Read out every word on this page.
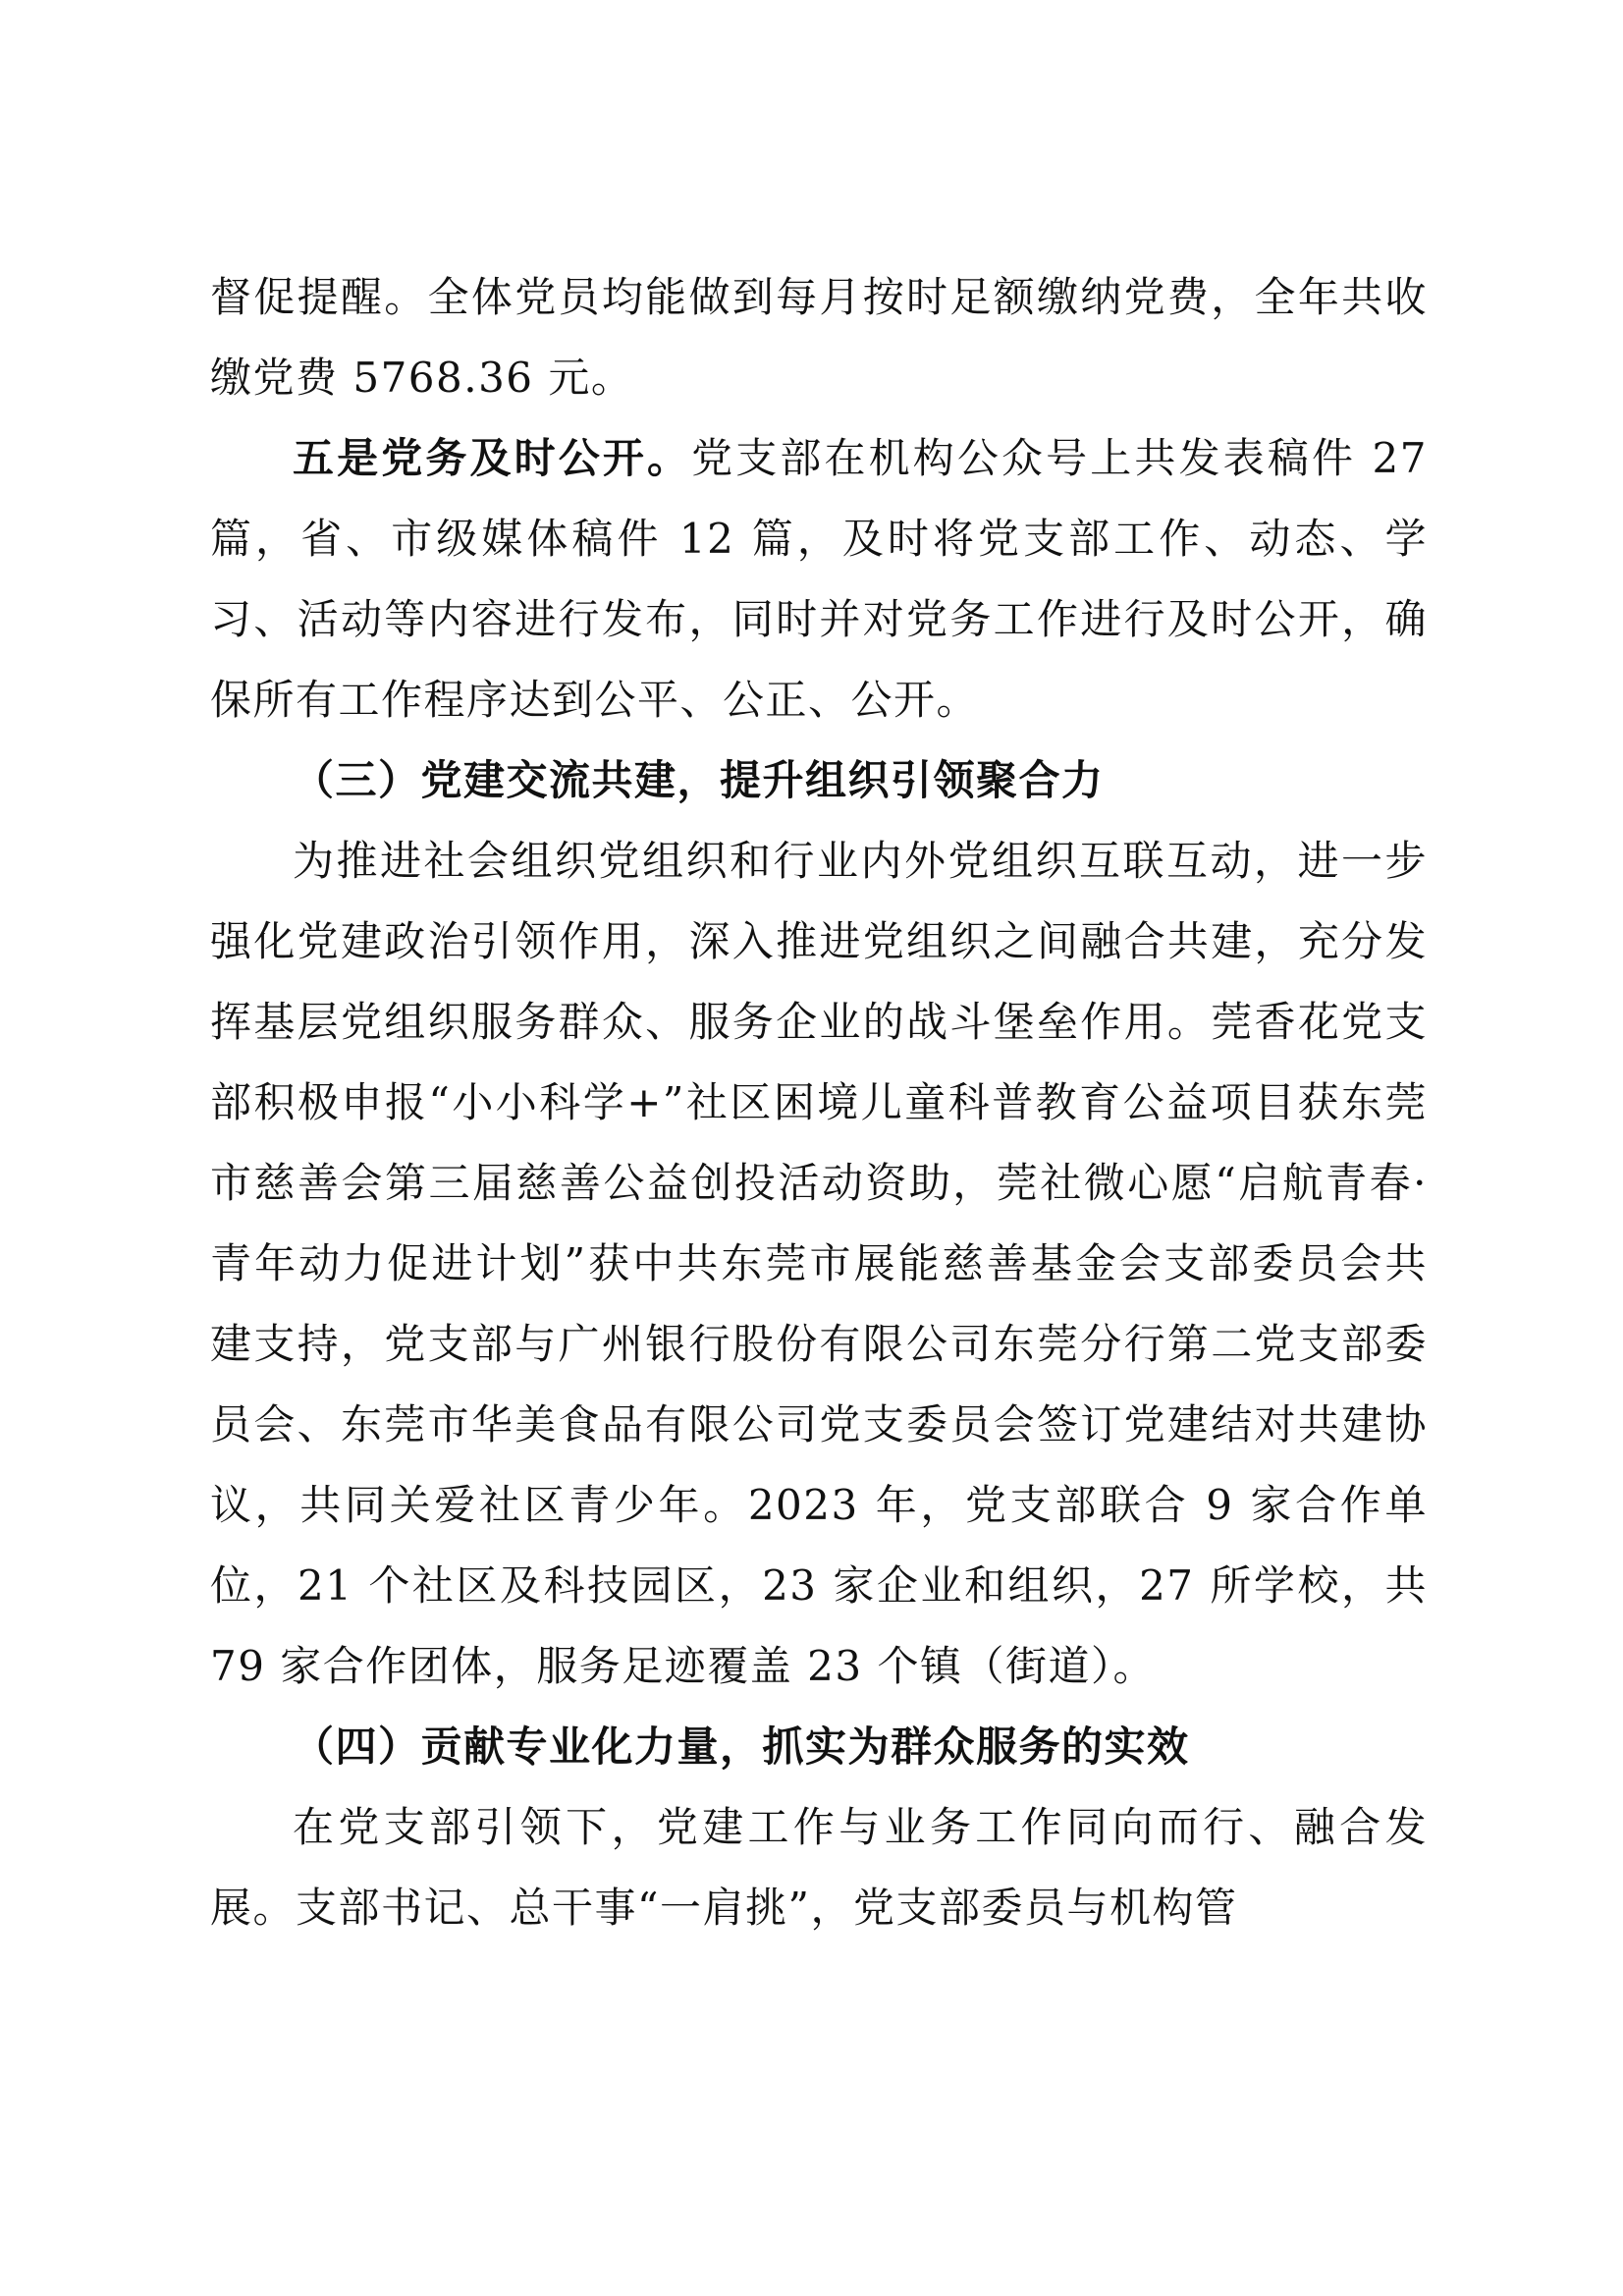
督促提醒。全体党员均能做到每月按时足额缴纳党费，全年共收缴党费 5768.36 元。

五是党务及时公开。党支部在机构公众号上共发表稿件 27 篇，省、市级媒体稿件 12 篇，及时将党支部工作、动态、学习、活动等内容进行发布，同时并对党务工作进行及时公开，确保所有工作程序达到公平、公正、公开。

（三）党建交流共建，提升组织引领聚合力

为推进社会组织党组织和行业内外党组织互联互动，进一步强化党建政治引领作用，深入推进党组织之间融合共建，充分发挥基层党组织服务群众、服务企业的战斗堡垒作用。莞香花党支部积极申报“小小科学+”社区困境儿童科普教育公益项目获东莞市慈善会第三届慈善公益创投活动资助，莞社微心愿“启航青春·青年动力促进计划”获中共东莞市展能慈善基金会支部委员会共建支持，党支部与广州银行股份有限公司东莞分行第二党支部委员会、东莞市华美食品有限公司党支委员会签订党建结对共建协议，共同关爱社区青少年。2023 年，党支部联合 9 家合作单位，21 个社区及科技园区，23 家企业和组织，27 所学校，共 79 家合作团体，服务足迹覆盖 23 个镇（街道）。

（四）贡献专业化力量，抓实为群众服务的实效

在党支部引领下，党建工作与业务工作同向而行、融合发展。支部书记、总干事“一肩挑”，党支部委员与机构管
